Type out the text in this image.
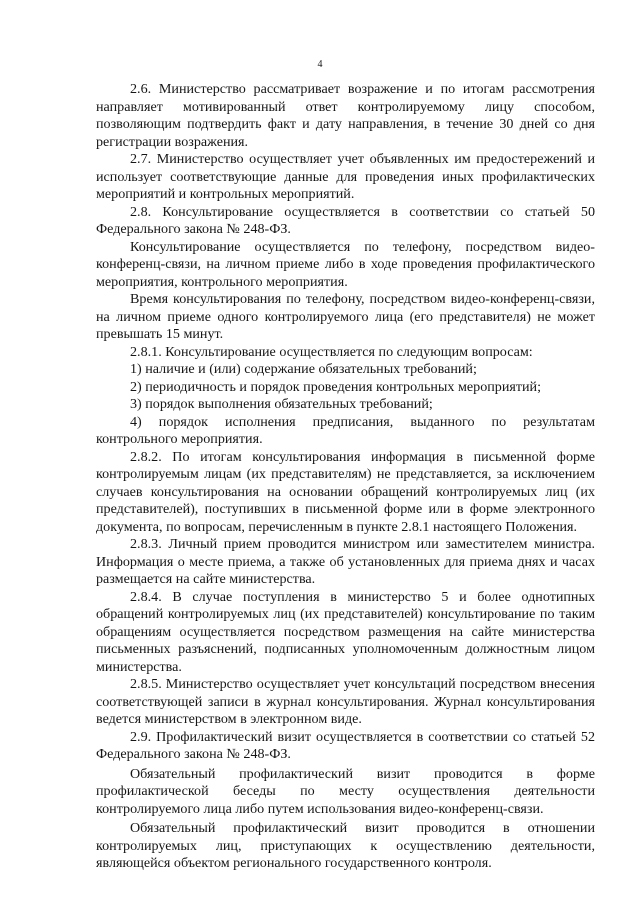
4

2.6. Министерство рассматривает возражение и по итогам рассмотрения направляет мотивированный ответ контролируемому лицу способом, позволяющим подтвердить факт и дату направления, в течение 30 дней со дня регистрации возражения.

2.7. Министерство осуществляет учет объявленных им предостережений и использует соответствующие данные для проведения иных профилактических мероприятий и контрольных мероприятий.

2.8. Консультирование осуществляется в соответствии со статьей 50 Федерального закона № 248-ФЗ.

Консультирование осуществляется по телефону, посредством видео-конференц-связи, на личном приеме либо в ходе проведения профилактического мероприятия, контрольного мероприятия.

Время консультирования по телефону, посредством видео-конференц-связи, на личном приеме одного контролируемого лица (его представителя) не может превышать 15 минут.

2.8.1. Консультирование осуществляется по следующим вопросам:

1) наличие и (или) содержание обязательных требований;

2) периодичность и порядок проведения контрольных мероприятий;

3) порядок выполнения обязательных требований;

4) порядок исполнения предписания, выданного по результатам контрольного мероприятия.

2.8.2. По итогам консультирования информация в письменной форме контролируемым лицам (их представителям) не представляется, за исключением случаев консультирования на основании обращений контролируемых лиц (их представителей), поступивших в письменной форме или в форме электронного документа, по вопросам, перечисленным в пункте 2.8.1 настоящего Положения.

2.8.3. Личный прием проводится министром или заместителем министра. Информация о месте приема, а также об установленных для приема днях и часах размещается на сайте министерства.

2.8.4. В случае поступления в министерство 5 и более однотипных обращений контролируемых лиц (их представителей) консультирование по таким обращениям осуществляется посредством размещения на сайте министерства письменных разъяснений, подписанных уполномоченным должностным лицом министерства.

2.8.5. Министерство осуществляет учет консультаций посредством внесения соответствующей записи в журнал консультирования. Журнал консультирования ведется министерством в электронном виде.

2.9. Профилактический визит осуществляется в соответствии со статьей 52 Федерального закона № 248-ФЗ.

Обязательный профилактический визит проводится в форме профилактической беседы по месту осуществления деятельности контролируемого лица либо путем использования видео-конференц-связи.

Обязательный профилактический визит проводится в отношении контролируемых лиц, приступающих к осуществлению деятельности, являющейся объектом регионального государственного контроля.
